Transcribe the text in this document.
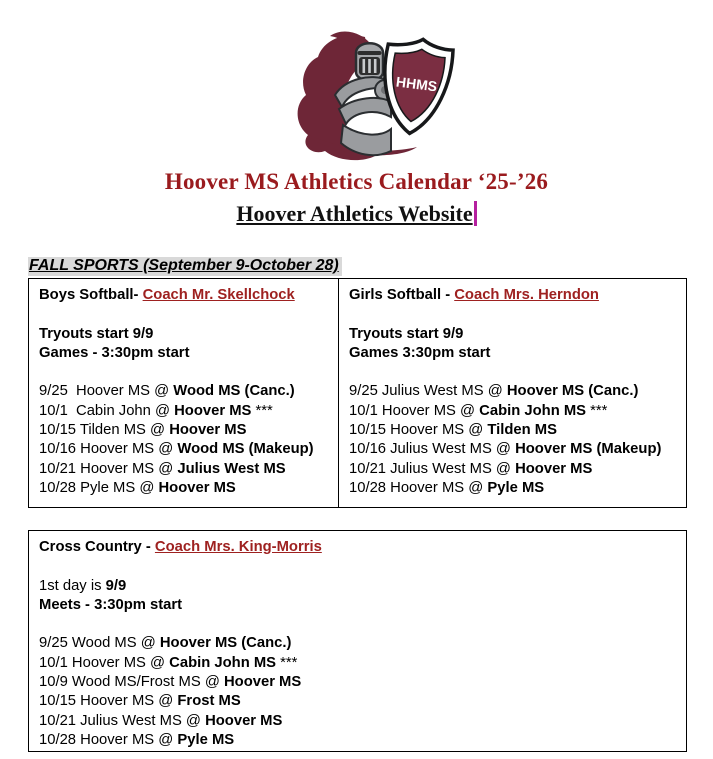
HHMS
Hoover MS Athletics Calendar ‘25-’26
Hoover Athletics Website
FALL SPORTS (September 9-October 28)
Boys Softball- Coach Mr. Skellchock
Tryouts start 9/9
Games - 3:30pm start
9/25  Hoover MS @ Wood MS (Canc.)
10/1  Cabin John @ Hoover MS ***
10/15 Tilden MS @ Hoover MS
10/16 Hoover MS @ Wood MS (Makeup)
10/21 Hoover MS @ Julius West MS
10/28 Pyle MS @ Hoover MS
Girls Softball - Coach Mrs. Herndon
Tryouts start 9/9
Games 3:30pm start
9/25 Julius West MS @ Hoover MS (Canc.)
10/1 Hoover MS @ Cabin John MS ***
10/15 Hoover MS @ Tilden MS
10/16 Julius West MS @ Hoover MS (Makeup)
10/21 Julius West MS @ Hoover MS
10/28 Hoover MS @ Pyle MS
Cross Country - Coach Mrs. King-Morris
1st day is 9/9
Meets - 3:30pm start
9/25 Wood MS @ Hoover MS (Canc.)
10/1 Hoover MS @ Cabin John MS ***
10/9 Wood MS/Frost MS @ Hoover MS
10/15 Hoover MS @ Frost MS
10/21 Julius West MS @ Hoover MS
10/28 Hoover MS @ Pyle MS
